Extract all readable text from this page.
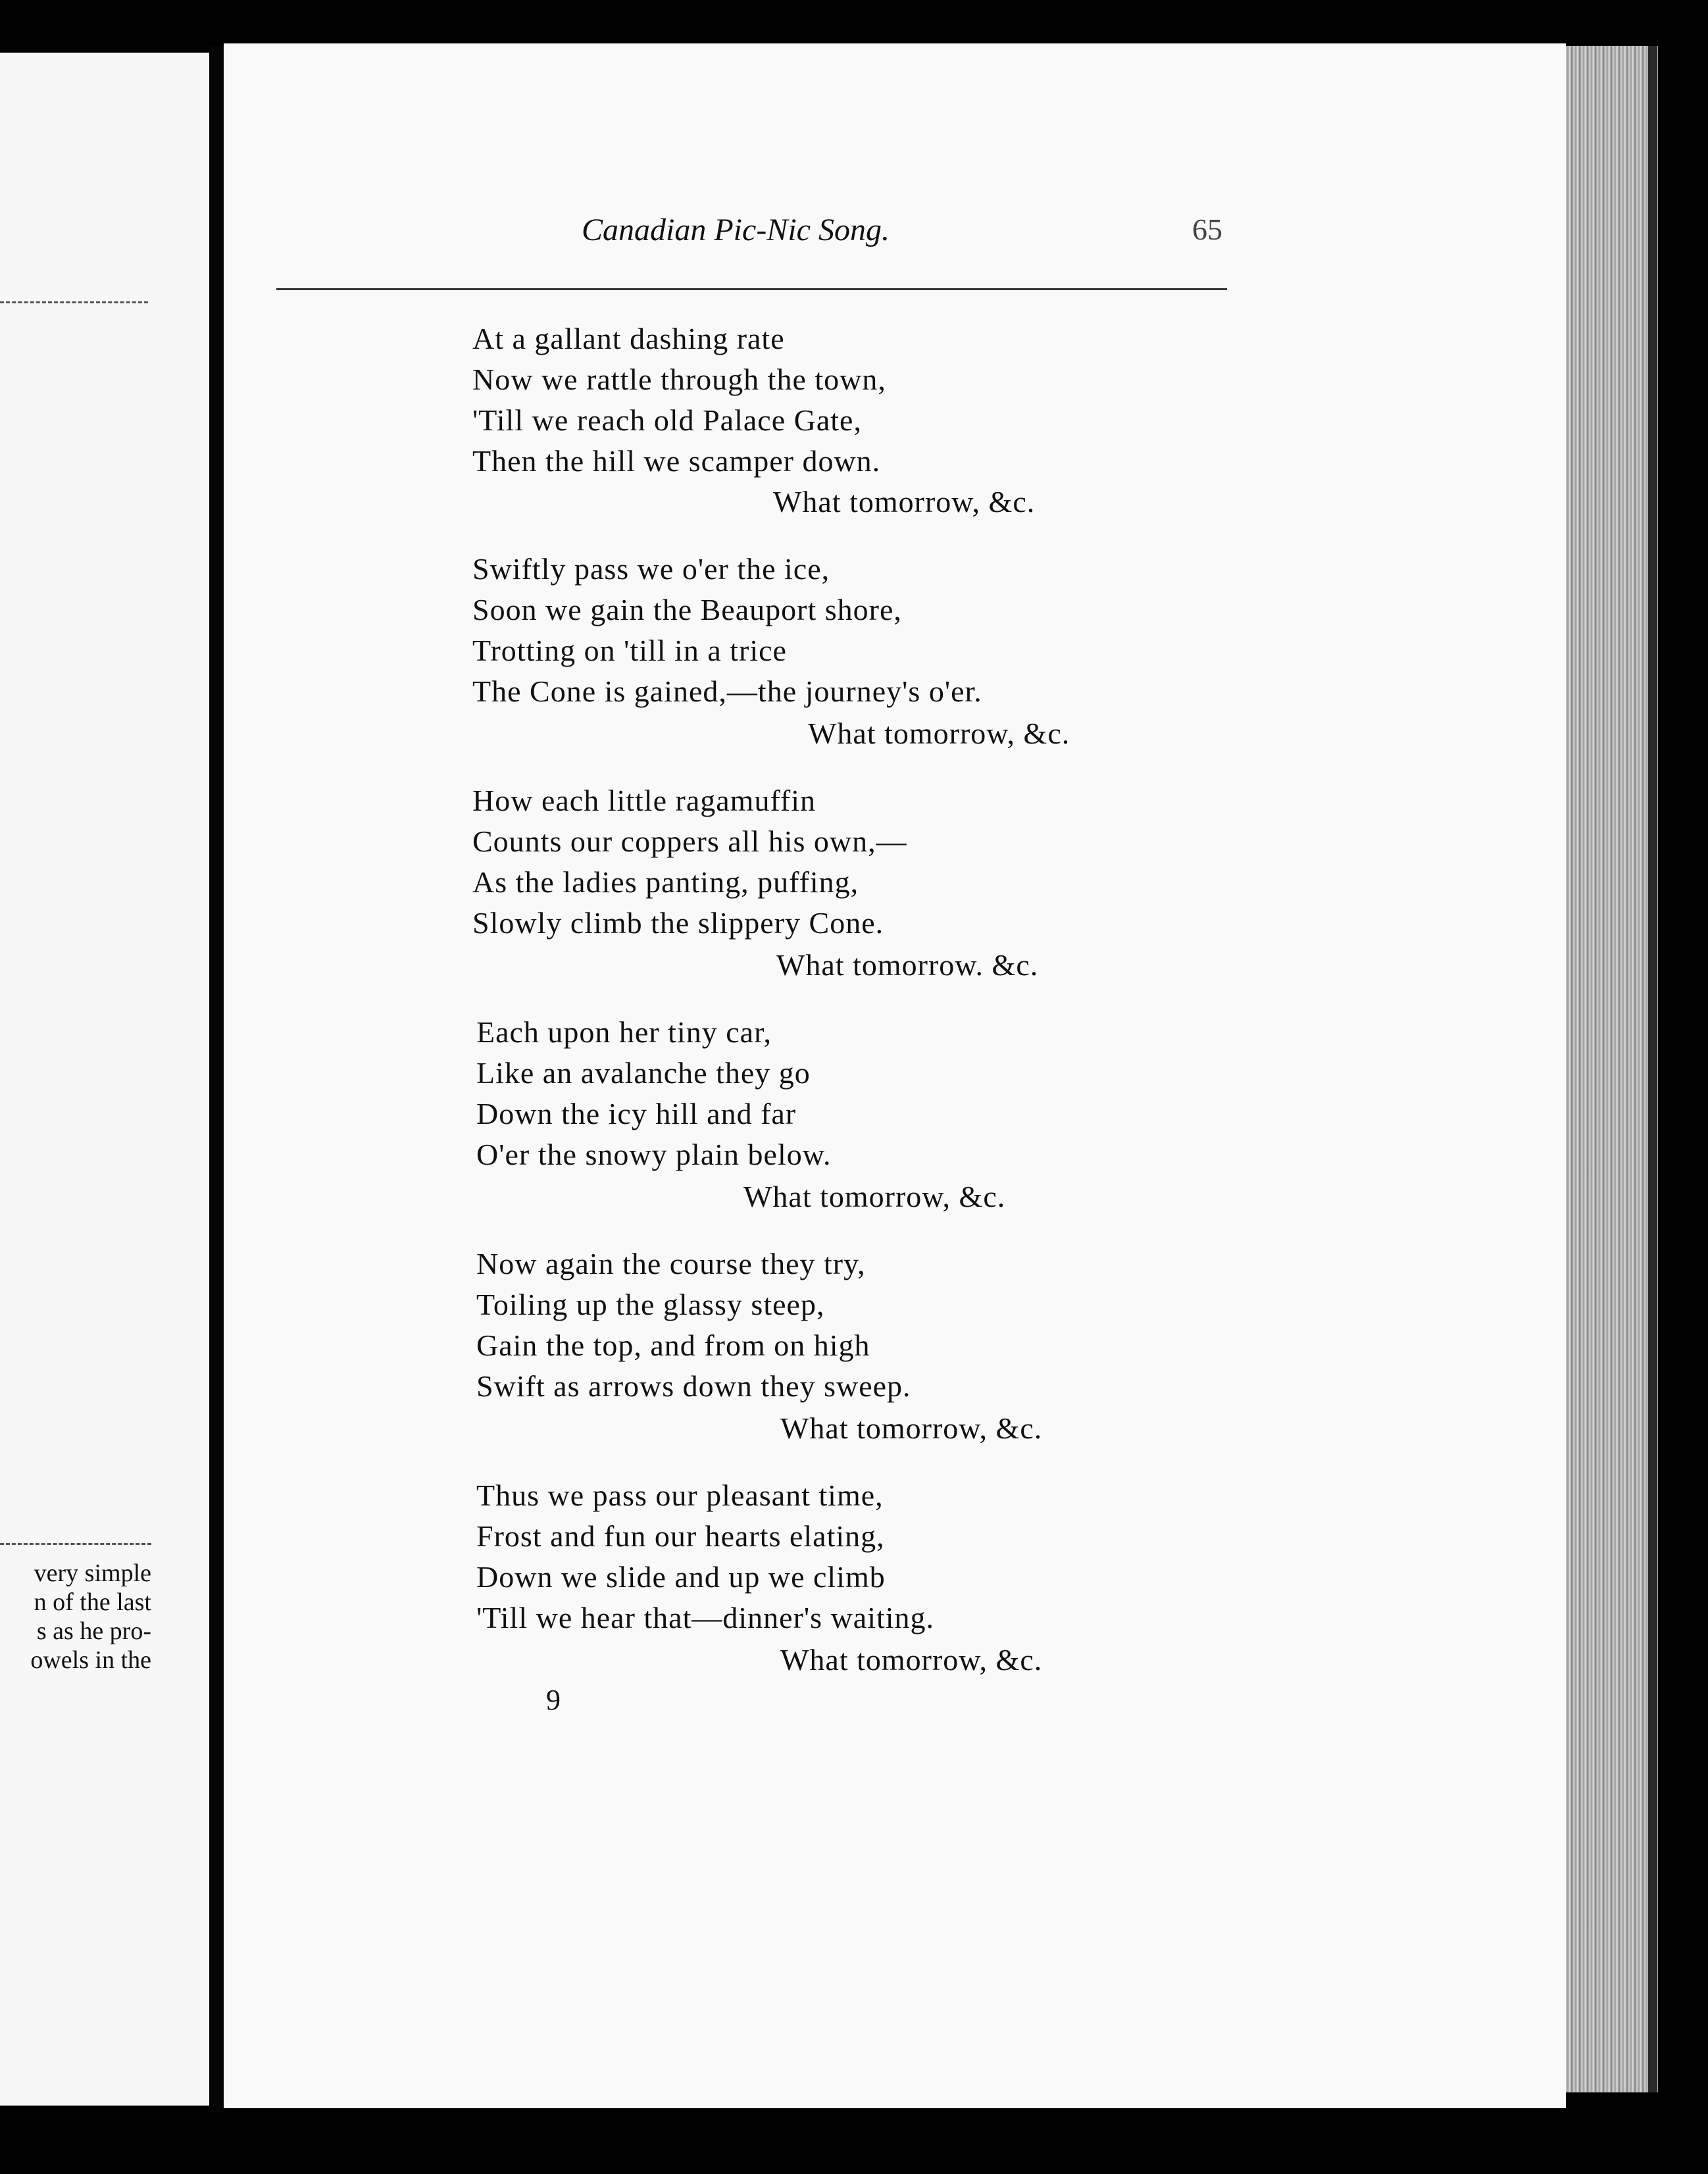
very simple
n of the last
s as he pro-
owels in the
Canadian Pic-Nic Song.	65
At a gallant dashing rate
Now we rattle through the town,
'Till we reach old Palace Gate,
Then the hill we scamper down.
What tomorrow, &c.
Swiftly pass we o'er the ice,
Soon we gain the Beauport shore,
Trotting on 'till in a trice
The Cone is gained,—the journey's o'er.
What tomorrow, &c.
How each little ragamuffin
Counts our coppers all his own,—
As the ladies panting, puffing,
Slowly climb the slippery Cone.
What tomorrow. &c.
Each upon her tiny car,
Like an avalanche they go
Down the icy hill and far
O'er the snowy plain below.
What tomorrow, &c.
Now again the course they try,
Toiling up the glassy steep,
Gain the top, and from on high
Swift as arrows down they sweep.
What tomorrow, &c.
Thus we pass our pleasant time,
Frost and fun our hearts elating,
Down we slide and up we climb
'Till we hear that—dinner's waiting.
What tomorrow, &c.
9
